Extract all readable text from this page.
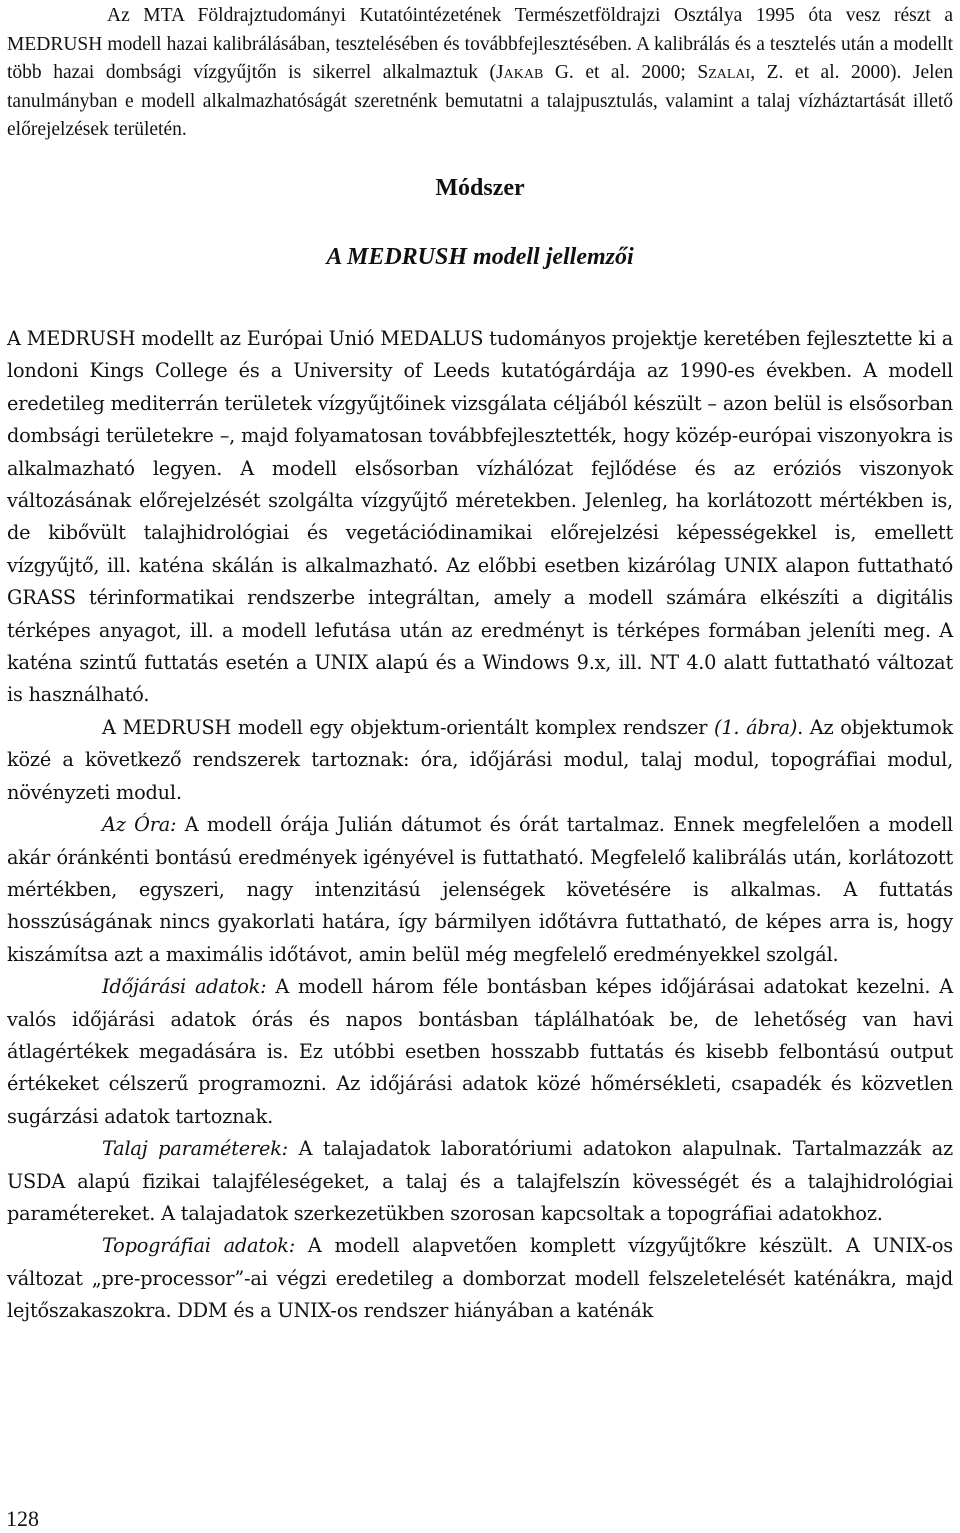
Az MTA Földrajztudományi Kutatóintézetének Természetföldrajzi Osztálya 1995 óta vesz részt a MEDRUSH modell hazai kalibrálásában, tesztelésében és továbbfejlesztésében. A kalibrálás és a tesztelés után a modellt több hazai dombsági vízgyűjtőn is sikerrel alkalmaztuk (Jakab G. et al. 2000; Szalai, Z. et al. 2000). Jelen tanulmányban e modell alkalmazhatóságát szeretnénk bemutatni a talajpusztulás, valamint a talaj vízháztartását illető előrejelzések területén.

Módszer
A MEDRUSH modell jellemzői

A MEDRUSH modellt az Európai Unió MEDALUS tudományos projektje keretében fejlesztette ki a londoni Kings College és a University of Leeds kutatógárdája az 1990-es években. A modell eredetileg mediterrán területek vízgyűjtőinek vizsgálata céljából készült – azon belül is elsősorban dombsági területekre –, majd folyamatosan továbbfejlesztették, hogy közép-európai viszonyokra is alkalmazható legyen. A modell elsősorban vízhálózat fejlődése és az eróziós viszonyok változásának előrejelzését szolgálta vízgyűjtő méretekben. Jelenleg, ha korlátozott mértékben is, de kibővült talajhidrológiai és vegetációdinamikai előrejelzési képességekkel is, emellett vízgyűjtő, ill. katéna skálán is alkalmazható. Az előbbi esetben kizárólag UNIX alapon futtatható GRASS térinformatikai rendszerbe integráltan, amely a modell számára elkészíti a digitális térképes anyagot, ill. a modell lefutása után az eredményt is térképes formában jeleníti meg. A katéna szintű futtatás esetén a UNIX alapú és a Windows 9.x, ill. NT 4.0 alatt futtatható változat is használható.

A MEDRUSH modell egy objektum-orientált komplex rendszer (1. ábra). Az objektumok közé a következő rendszerek tartoznak: óra, időjárási modul, talaj modul, topográfiai modul, növényzeti modul.

Az Óra: A modell órája Julián dátumot és órát tartalmaz. Ennek megfelelően a modell akár óránkénti bontású eredmények igényével is futtatható. Megfelelő kalibrálás után, korlátozott mértékben, egyszeri, nagy intenzitású jelenségek követésére is alkalmas. A futtatás hosszúságának nincs gyakorlati határa, így bármilyen időtávra futtatható, de képes arra is, hogy kiszámítsa azt a maximális időtávot, amin belül még megfelelő eredményekkel szolgál.

Időjárási adatok: A modell három féle bontásban képes időjárásai adatokat kezelni. A valós időjárási adatok órás és napos bontásban táplálhatóak be, de lehetőség van havi átlagértékek megadására is. Ez utóbbi esetben hosszabb futtatás és kisebb felbontású output értékeket célszerű programozni. Az időjárási adatok közé hőmérsékleti, csapadék és közvetlen sugárzási adatok tartoznak.

Talaj paraméterek: A talajadatok laboratóriumi adatokon alapulnak. Tartalmazzák az USDA alapú fizikai talajféleségeket, a talaj és a talajfelszín kövességét és a talajhidrológiai paramétereket. A talajadatok szerkezetükben szorosan kapcsoltak a topográfiai adatokhoz.

Topográfiai adatok: A modell alapvetően komplett vízgyűjtőkre készült. A UNIX-os változat „pre-processor”-ai végzi eredetileg a domborzat modell felszeletelését katénákra, majd lejtőszakaszokra. DDM és a UNIX-os rendszer hiányában a katénák

128
